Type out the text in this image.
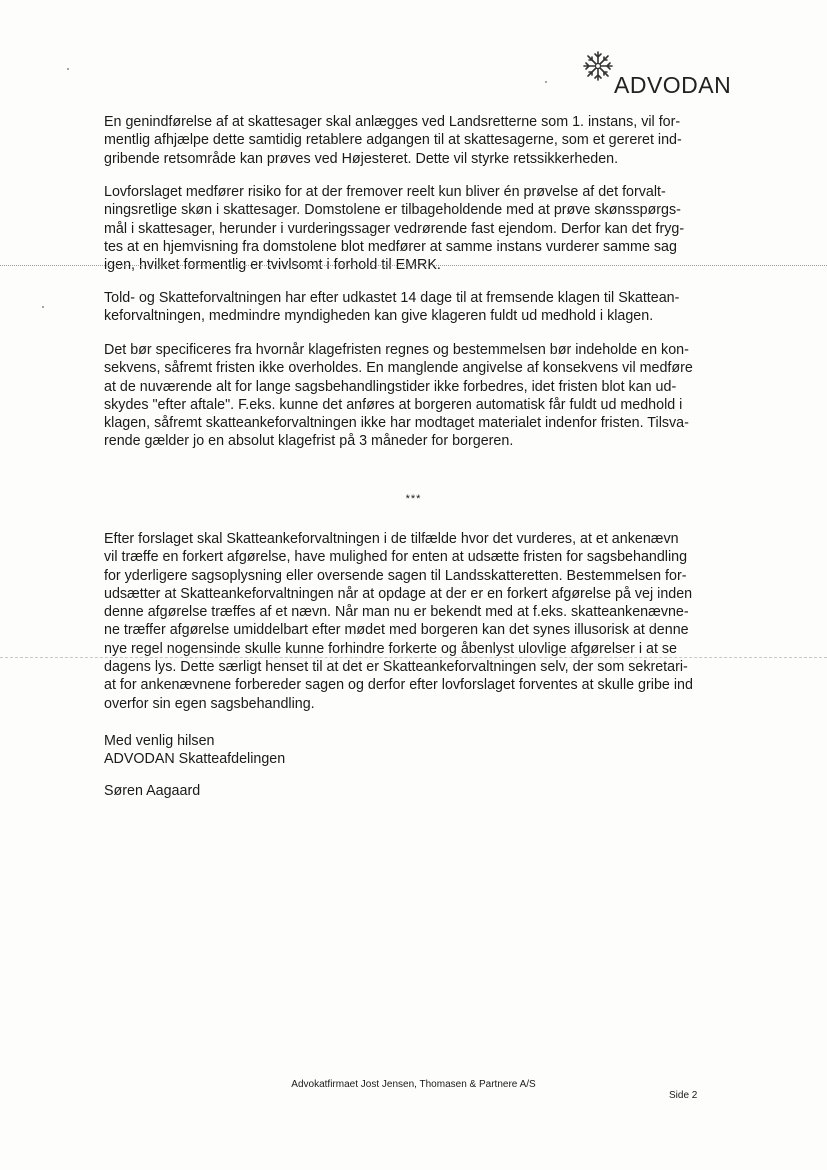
ADVODAN

En genindførelse af at skattesager skal anlægges ved Landsretterne som 1. instans, vil for-
mentlig afhjælpe dette samtidig retablere adgangen til at skattesagerne, som et gereret ind-
gribende retsområde kan prøves ved Højesteret. Dette vil styrke retssikkerheden.

Lovforslaget medfører risiko for at der fremover reelt kun bliver én prøvelse af det forvalt-
ningsretlige skøn i skattesager. Domstolene er tilbageholdende med at prøve skønsspørgs-
mål i skattesager, herunder i vurderingssager vedrørende fast ejendom. Derfor kan det fryg-
tes at en hjemvisning fra domstolene blot medfører at samme instans vurderer samme sag
igen, hvilket formentlig er tvivlsomt i forhold til EMRK.

Told- og Skatteforvaltningen har efter udkastet 14 dage til at fremsende klagen til Skattean-
keforvaltningen, medmindre myndigheden kan give klageren fuldt ud medhold i klagen.

Det bør specificeres fra hvornår klagefristen regnes og bestemmelsen bør indeholde en kon-
sekvens, såfremt fristen ikke overholdes. En manglende angivelse af konsekvens vil medføre
at de nuværende alt for lange sagsbehandlingstider ikke forbedres, idet fristen blot kan ud-
skydes "efter aftale". F.eks. kunne det anføres at borgeren automatisk får fuldt ud medhold i
klagen, såfremt skatteankeforvaltningen ikke har modtaget materialet indenfor fristen. Tilsva-
rende gælder jo en absolut klagefrist på 3 måneder for borgeren.

***

Efter forslaget skal Skatteankeforvaltningen i de tilfælde hvor det vurderes, at et ankenævn
vil træffe en forkert afgørelse, have mulighed for enten at udsætte fristen for sagsbehandling
for yderligere sagsoplysning eller oversende sagen til Landsskatteretten. Bestemmelsen for-
udsætter at Skatteankeforvaltningen når at opdage at der er en forkert afgørelse på vej inden
denne afgørelse træffes af et nævn. Når man nu er bekendt med at f.eks. skatteankenævne-
ne træffer afgørelse umiddelbart efter mødet med borgeren kan det synes illusorisk at denne
nye regel nogensinde skulle kunne forhindre forkerte og åbenlyst ulovlige afgørelser i at se
dagens lys. Dette særligt henset til at det er Skatteankeforvaltningen selv, der som sekretari-
at for ankenævnene forbereder sagen og derfor efter lovforslaget forventes at skulle gribe ind
overfor sin egen sagsbehandling.

Med venlig hilsen
ADVODAN Skatteafdelingen
Søren Aagaard
Advokatfirmaet Jost Jensen, Thomasen & Partnere A/S
Side 2
